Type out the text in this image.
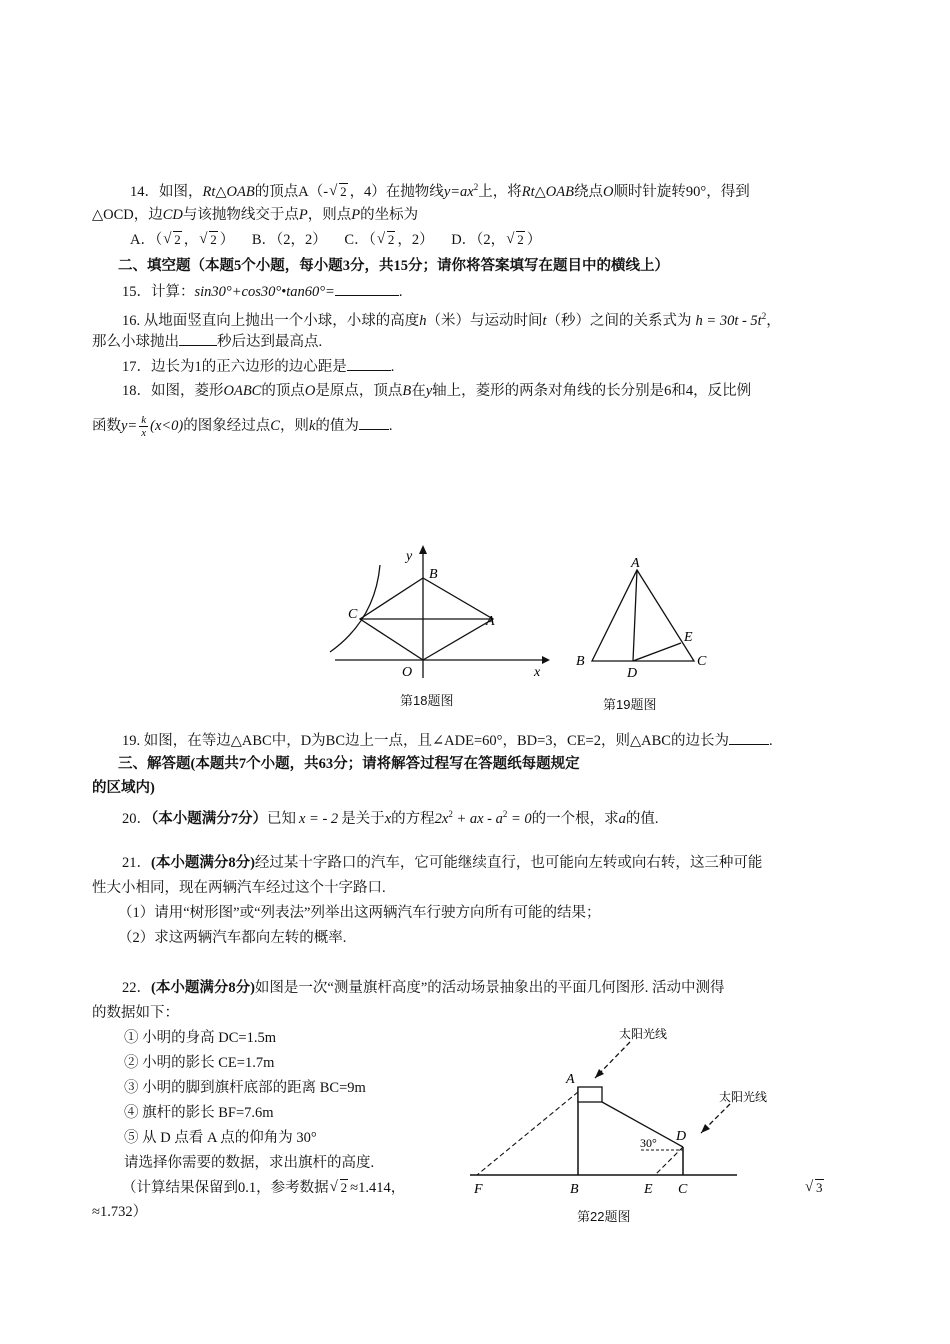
14．如图，Rt△OAB的顶点A（- √ 2 ，4）在抛物线$y=ax^2$上，将Rt△OAB绕点O顺时针旋转90°，得到
△OCD，边CD与该抛物线交于点P，则点P的坐标为
A．（ √ 2 ， √ 2 ） B．（2，2） C．（ √ 2 ，2） D．（2， √ 2 ）
二、填空题（本题5个小题，每小题3分，共15分；请你将答案填写在题目中的横线上）
15．计算：sin30°+cos30°•tan60°=	.
16. 从地面竖直向上抛出一个小球，小球的高度h（米）与运动时间t（秒）之间的关系式为 $h = 30t - 5t^2$，
那么小球抛出	秒后达到最高点.
17．边长为1的正六边形的边心距是	.
18．如图，菱形OABC的顶点O是原点，顶点B在y轴上，菱形的两条对角线的长分别是6和4，反比例
函数$y= \frac{k}{x} (x<0)$的图象经过点C，则k的值为 .
y
B
C	A
O	x
第18题图
A
B	C
D
E
第19题图
19. 如图，在等边△ABC中，D为BC边上一点，且∠ADE=60°，BD=3，CE=2，则△ABC的边长为	.
三、解答题(本题共7个小题，共63分；请将解答过程写在答题纸每题规定
的区域内)
20．（本小题满分7分）已知 x = - 2 是关于x的方程$2x^2$ + ax - $a^2 = 0$的一个根，求a的值.
21．(本小题满分8分)经过某十字路口的汽车，它可能继续直行，也可能向左转或向右转，这三种可能
性大小相同，现在两辆汽车经过这个十字路口.
（1）请用“树形图”或“列表法”列举出这两辆汽车行驶方向所有可能的结果；
（2）求这两辆汽车都向左转的概率.
22．(本小题满分8分)如图是一次“测量旗杆高度”的活动场景抽象出的平面几何图形. 活动中测得
的数据如下：
① 小明的身高 DC=1.5m
② 小明的影长 CE=1.7m
③ 小明的脚到旗杆底部的距离 BC=9m
④ 旗杆的影长 BF=7.6m
⑤ 从 D 点看 A 点的仰角为 30°
请选择你需要的数据，求出旗杆的高度.
（计算结果保留到0.1，参考数据 √ 2 ≈1.414，	√ 3
≈1.732）
太阳光线
太阳光线
30°
A
D
F	B	E C
第22题图
